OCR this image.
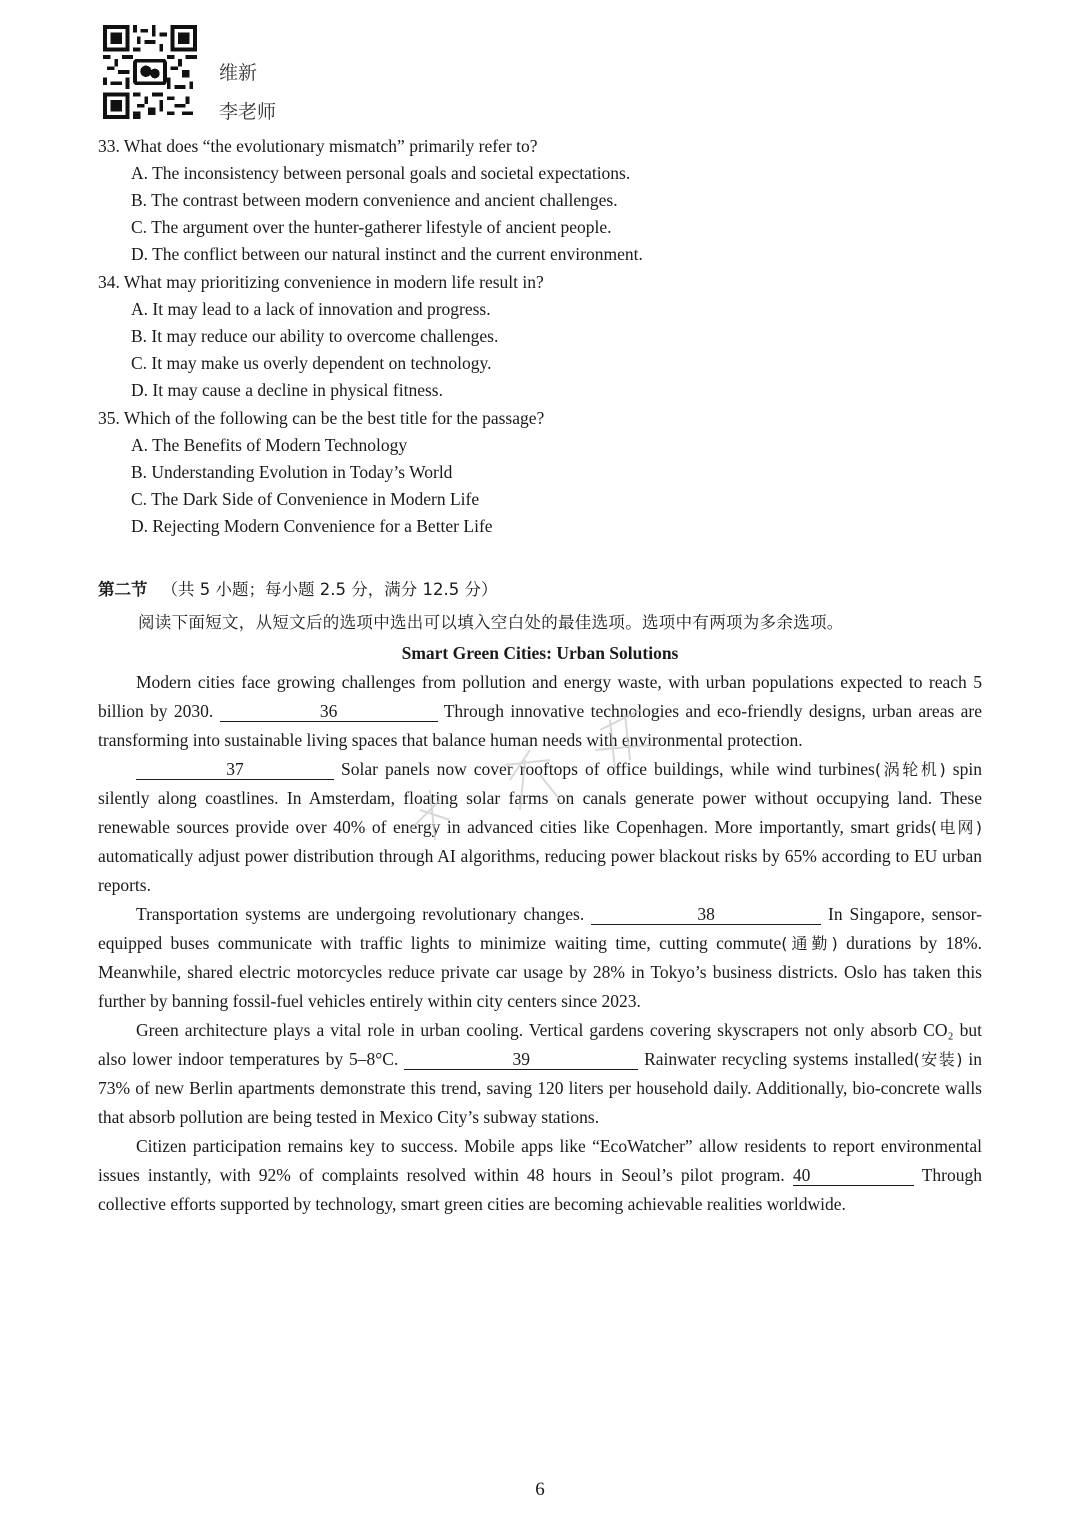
维新
李老师
33. What does “the evolutionary mismatch” primarily refer to?
A. The inconsistency between personal goals and societal expectations.
B. The contrast between modern convenience and ancient challenges.
C. The argument over the hunter-gatherer lifestyle of ancient people.
D. The conflict between our natural instinct and the current environment.
34. What may prioritizing convenience in modern life result in?
A. It may lead to a lack of innovation and progress.
B. It may reduce our ability to overcome challenges.
C. It may make us overly dependent on technology.
D. It may cause a decline in physical fitness.
35. Which of the following can be the best title for the passage?
A. The Benefits of Modern Technology
B. Understanding Evolution in Today’s World
C. The Dark Side of Convenience in Modern Life
D. Rejecting Modern Convenience for a Better Life
第二节 （共 5 小题；每小题 2.5 分，满分 12.5 分）
阅读下面短文，从短文后的选项中选出可以填入空白处的最佳选项。选项中有两项为多余选项。
Smart Green Cities: Urban Solutions

Modern cities face growing challenges from pollution and energy waste, with urban populations expected to reach 5 billion by 2030.	36	Through innovative technologies and eco-friendly designs, urban areas are transforming into sustainable living spaces that balance human needs with environmental protection.

37	Solar panels now cover rooftops of office buildings, while wind turbines(涡轮机) spin silently along coastlines. In Amsterdam, floating solar farms on canals generate power without occupying land. These renewable sources provide over 40% of energy in advanced cities like Copenhagen. More importantly, smart grids(电网) automatically adjust power distribution through AI algorithms, reducing power blackout risks by 65% according to EU urban reports.

Transportation systems are undergoing revolutionary changes.	38	In Singapore, sensor-equipped buses communicate with traffic lights to minimize waiting time, cutting commute(通勤) durations by 18%. Meanwhile, shared electric motorcycles reduce private car usage by 28% in Tokyo’s business districts. Oslo has taken this further by banning fossil-fuel vehicles entirely within city centers since 2023.

Green architecture plays a vital role in urban cooling. Vertical gardens covering skyscrapers not only absorb CO₂ but also lower indoor temperatures by 5–8°C.	39	Rainwater recycling systems installed(安装) in 73% of new Berlin apartments demonstrate this trend, saving 120 liters per household daily. Additionally, bio-concrete walls that absorb pollution are being tested in Mexico City’s subway stations.

Citizen participation remains key to success. Mobile apps like “EcoWatcher” allow residents to report environmental issues instantly, with 92% of complaints resolved within 48 hours in Seoul’s pilot program. 40	Through collective efforts supported by technology, smart green cities are becoming achievable realities worldwide.

6
